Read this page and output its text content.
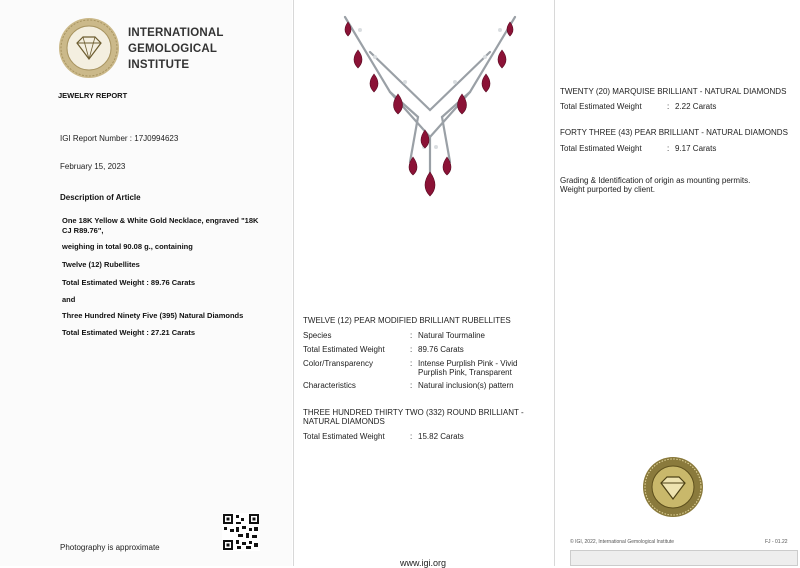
INTERNATIONAL
GEMOLOGICAL
INSTITUTE
JEWELRY REPORT
IGI Report Number : 17J0994623
February 15, 2023
Description of Article
One 18K Yellow & White Gold Necklace, engraved "18K
CJ R89.76",
weighing in total 90.08 g., containing
Twelve (12) Rubellites
Total Estimated Weight : 89.76 Carats
and
Three Hundred Ninety Five (395) Natural Diamonds
Total Estimated Weight : 27.21 Carats
Photography is approximate
TWELVE (12) PEAR MODIFIED BRILLIANT RUBELLITES
Species	: Natural Tourmaline
Total Estimated Weight	: 89.76 Carats
Color/Transparency	: Intense Purplish Pink - Vivid
Purplish Pink, Transparent
Characteristics	: Natural inclusion(s) pattern
THREE HUNDRED THIRTY TWO (332) ROUND BRILLIANT -
NATURAL DIAMONDS
Total Estimated Weight	: 15.82 Carats
www.igi.org
TWENTY (20) MARQUISE BRILLIANT - NATURAL DIAMONDS
Total Estimated Weight	: 2.22 Carats
FORTY THREE (43) PEAR BRILLIANT - NATURAL DIAMONDS
Total Estimated Weight	: 9.17 Carats
Grading & Identification of origin as mounting permits.
Weight purported by client.
© IGI, 2022, International Gemological Institute	FJ - 01.22
